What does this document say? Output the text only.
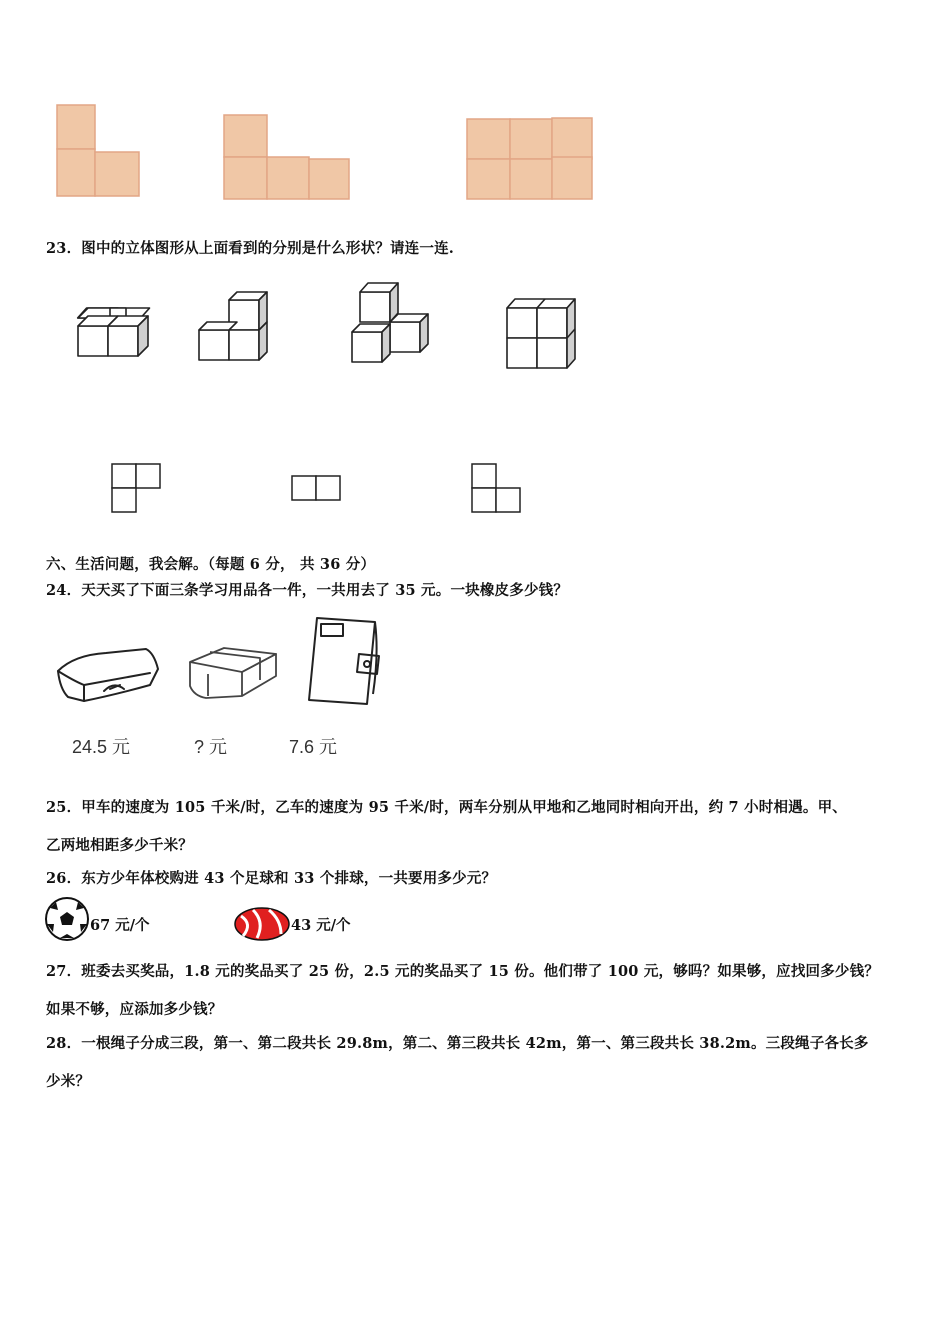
23．图中的立体图形从上面看到的分别是什么形状？请连一连.
六、生活问题，我会解。（每题 6 分， 共 36 分）
24．天天买了下面三条学习用品各一件，一共用去了 35 元。一块橡皮多少钱？
24.5 元	? 元	7.6 元
25．甲车的速度为 105 千米/时，乙车的速度为 95 千米/时，两车分别从甲地和乙地同时相向开出，约 7 小时相遇。甲、
乙两地相距多少千米？
26．东方少年体校购进 43 个足球和 33 个排球，一共要用多少元？
67 元/个	43 元/个
27．班委去买奖品，1.8 元的奖品买了 25 份，2.5 元的奖品买了 15 份。他们带了 100 元，够吗？如果够，应找回多少钱？
如果不够，应添加多少钱？
28．一根绳子分成三段，第一、第二段共长 29.8m，第二、第三段共长 42m，第一、第三段共长 38.2m。三段绳子各长多
少米？
